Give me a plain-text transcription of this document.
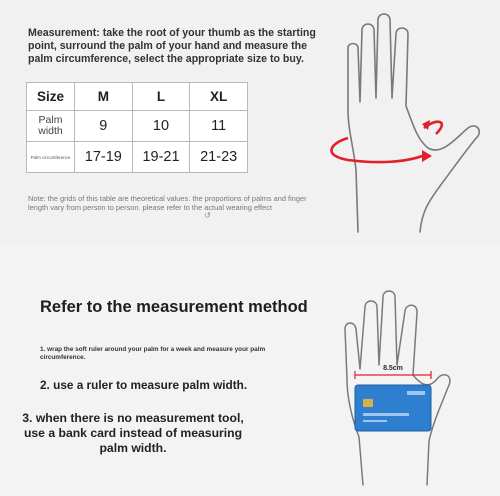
Measurement: take the root of your thumb as the starting point, surround the palm of your hand and measure the palm circumference, select the appropriate size to buy.
Size	M	L	XL
Palm width	9	10	11
Palm circumference	17-19	19-21	21-23
Note: the grids of this table are theoretical values. the proportions of palms and finger length vary from person to person. please refer to the actual wearing effect
↺
Refer to the measurement method
1. wrap the soft ruler around your palm for a week and measure your palm circumference.
2. use a ruler to measure palm width.
3. when there is no measurement tool, use a bank card instead of measuring palm width.
8.5cm
